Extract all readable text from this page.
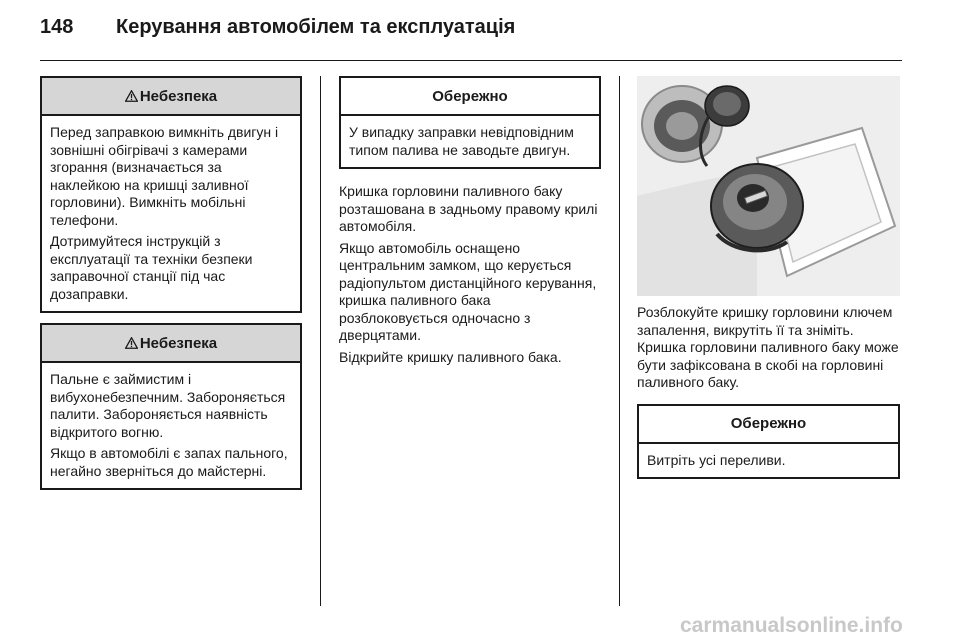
148 Керування автомобілем та експлуатація
Небезпека

Перед заправкою вимкніть двигун і зовнішні обігрівачі з камерами згорання (визначається за наклейкою на кришці заливної горловини). Вимкніть мобільні телефони.

Дотримуйтеся інструкцій з експлуатації та техніки безпеки заправочної станції під час дозаправки.

Небезпека

Пальне є займистим і вибухонебезпечним. Забороняється палити. Забороняється наявність відкритого вогню.

Якщо в автомобілі є запах пального, негайно зверніться до майстерні.

Обережно

У випадку заправки невідповідним типом палива не заводьте двигун.

Кришка горловини паливного баку розташована в задньому правому крилі автомобіля.

Якщо автомобіль оснащено центральним замком, що керується радіопультом дистанційного керування, кришка паливного бака розблоковується одночасно з дверцятами.

Відкрийте кришку паливного бака.

Розблокуйте кришку горловини ключем запалення, викрутіть її та зніміть. Кришка горловини паливного баку може бути зафіксована в скобі на горловині паливного баку.

Обережно

Витріть усі переливи.

carmanualsonline.info
